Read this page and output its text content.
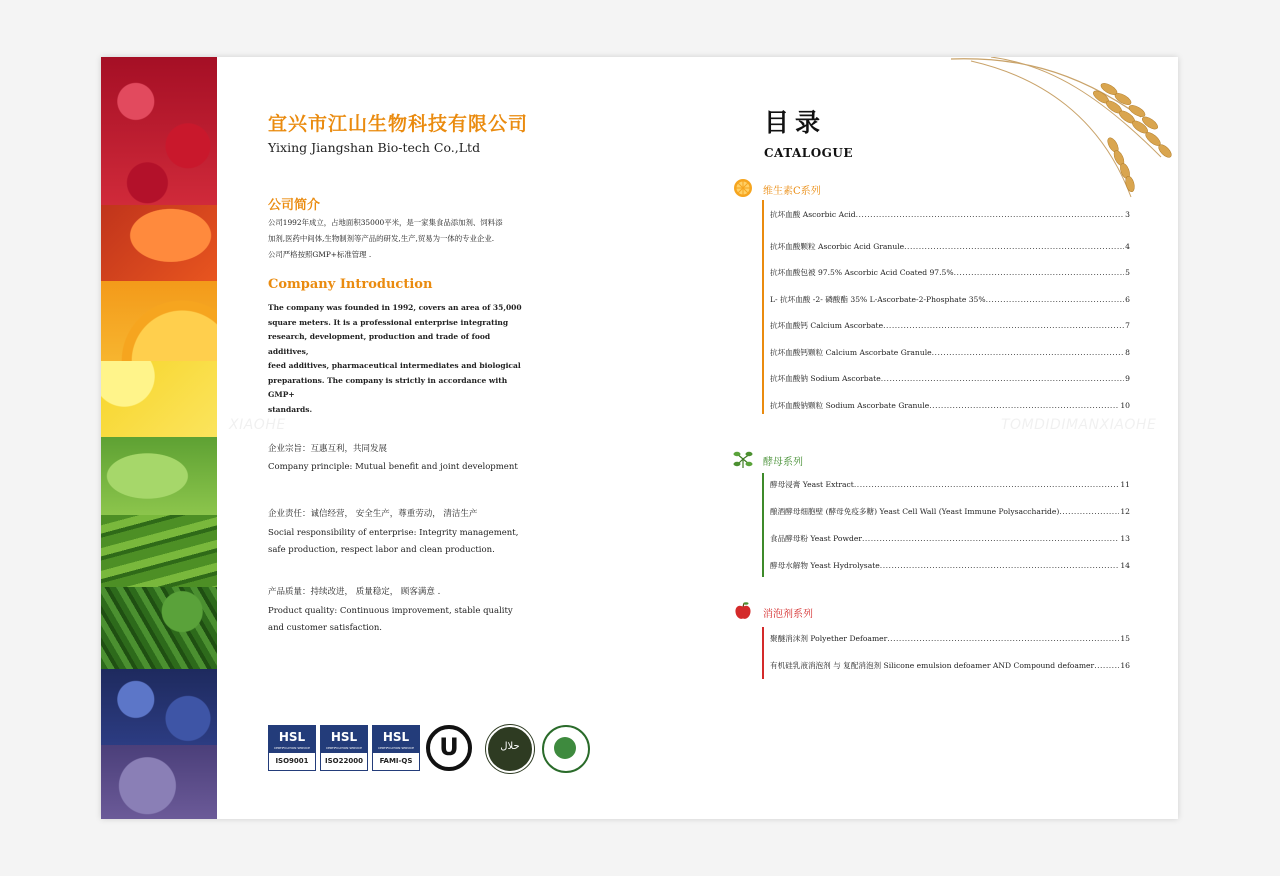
宜兴市江山生物科技有限公司
Yixing Jiangshan Bio-tech Co.,Ltd
公司简介
公司1992年成立，占地面积35000平米，是一家集食品添加剂、饲料添
加剂,医药中间体,生物制剂等产品的研发,生产,贸易为一体的专业企业.
公司严格按照GMP+标准管理 .
Company Introduction
The company was founded in 1992, covers an area of 35,000
square meters. It is a professional enterprise integrating
research, development, production and trade of food additives,
feed additives, pharmaceutical intermediates and biological
preparations. The company is strictly in accordance with GMP+
standards.
企业宗旨：互惠互利，共同发展
Company principle: Mutual benefit and joint development
企业责任：诚信经营， 安全生产，尊重劳动， 清洁生产
Social responsibility of enterprise: Integrity management,
safe production, respect labor and clean production.
产品质量：持续改进， 质量稳定， 顾客满意 .
Product quality: Continuous improvement, stable quality
and customer satisfaction.
HSL
CERTIFICATION SERVICE
ISO9001
HSL
CERTIFICATION SERVICE
ISO22000
HSL
CERTIFICATION SERVICE
FAMI-QS	U	حلال
XIAOHE	TOMDIDIMANXIAOHE
目录
CATALOGUE
维生素C系列
抗坏血酸 Ascorbic Acid .....	3
抗坏血酸颗粒 Ascorbic Acid Granule .....	4
抗坏血酸包被 97.5% Ascorbic Acid Coated 97.5% .....	5
L- 抗坏血酸 -2- 磷酸酯 35% L-Ascorbate-2-Phosphate 35% .....	6
抗坏血酸钙 Calcium Ascorbate .....	7
抗坏血酸钙颗粒 Calcium Ascorbate Granule .....	8
抗坏血酸钠 Sodium Ascorbate .....	9
抗坏血酸钠颗粒 Sodium Ascorbate Granule .....	10
酵母系列
酵母浸膏 Yeast Extract .....	11
酿酒酵母细胞壁 (酵母免疫多糖) Yeast Cell Wall (Yeast Immune Polysaccharide) .....	12
食品酵母粉 Yeast Powder .....	13
酵母水解物 Yeast Hydrolysate .....	14
消泡剂系列
聚醚消沫剂 Polyether Defoamer .....	15
有机硅乳液消泡剂 与 复配消泡剂 Silicone emulsion defoamer AND Compound defoamer .....	16
